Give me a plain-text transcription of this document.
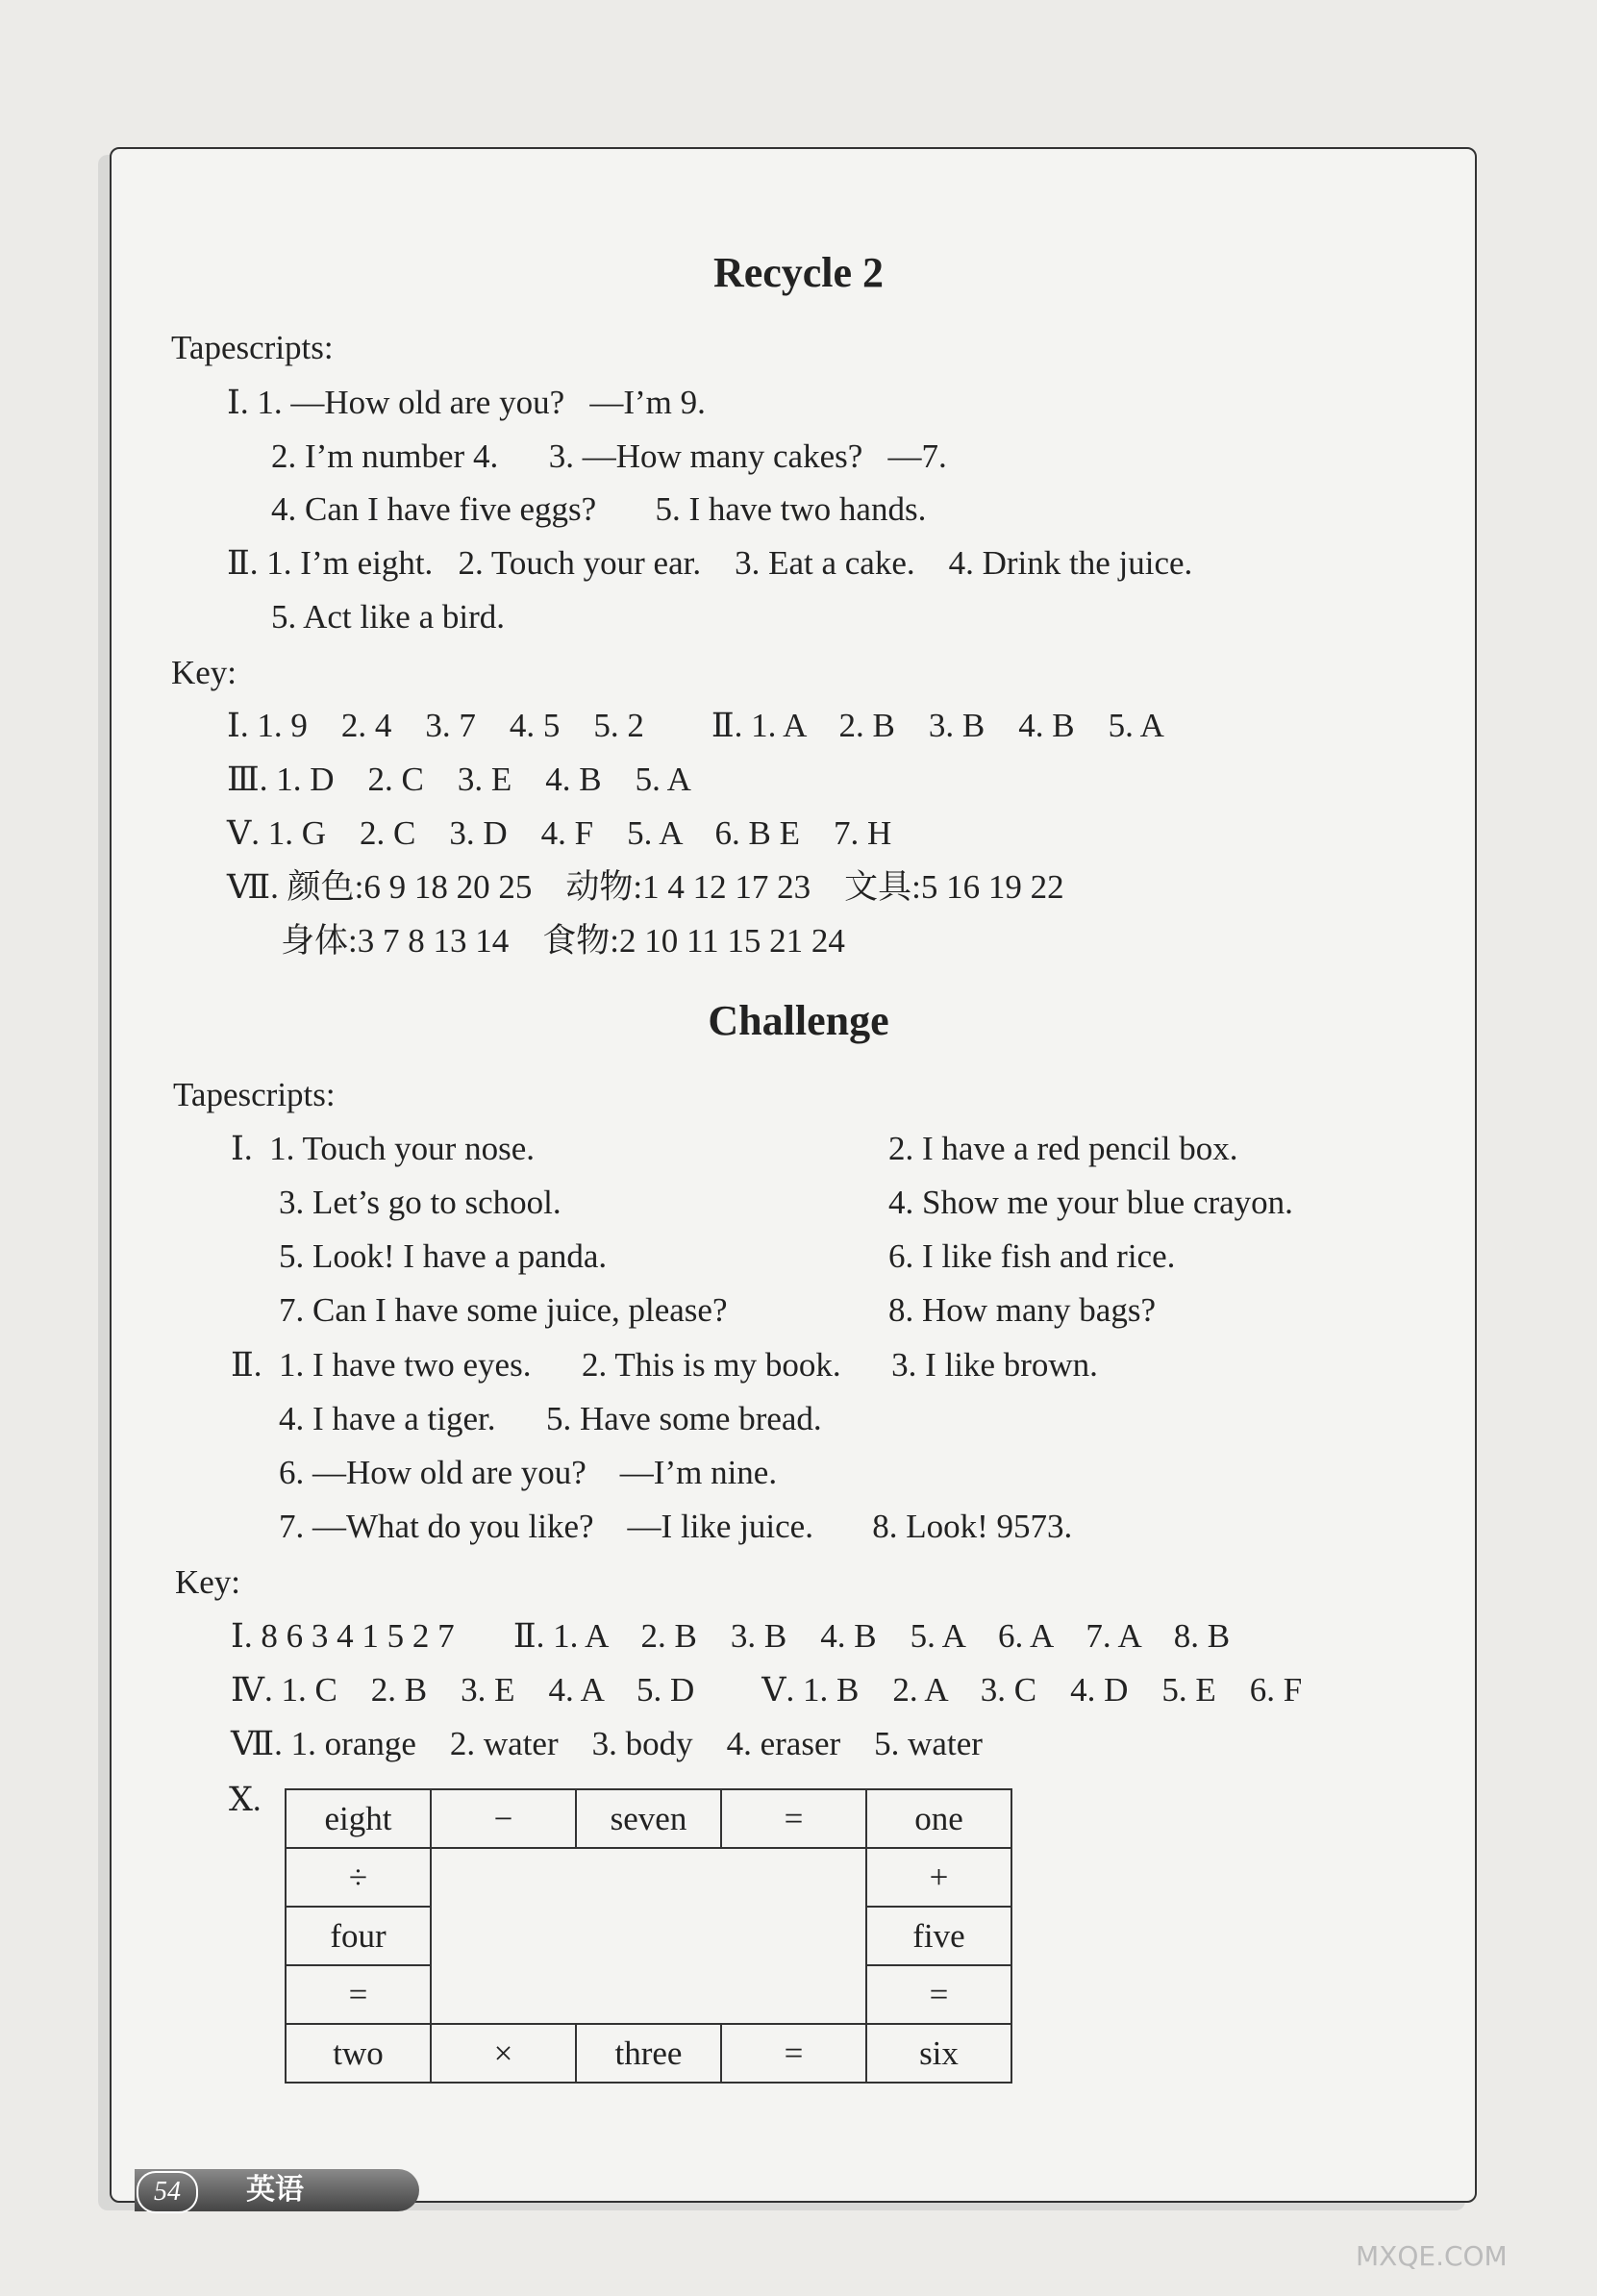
Recycle 2
Tapescripts:
Ⅰ. 1. —How old are you?   —I’m 9.
2. I’m number 4.      3. —How many cakes?   —7.
4. Can I have five eggs?       5. I have two hands.
Ⅱ. 1. I’m eight.   2. Touch your ear.    3. Eat a cake.    4. Drink the juice.
5. Act like a bird.
Key:
Ⅰ. 1. 9    2. 4    3. 7    4. 5    5. 2        Ⅱ. 1. A    2. B    3. B    4. B    5. A
Ⅲ. 1. D    2. C    3. E    4. B    5. A
Ⅴ. 1. G    2. C    3. D    4. F    5. A    6. B E    7. H
Ⅶ. 颜色:6 9 18 20 25    动物:1 4 12 17 23    文具:5 16 19 22
身体:3 7 8 13 14    食物:2 10 11 15 21 24
Challenge
Tapescripts:
Ⅰ.  1. Touch your nose.	2. I have a red pencil box.
3. Let’s go to school.	4. Show me your blue crayon.
5. Look! I have a panda.	6. I like fish and rice.
7. Can I have some juice, please?	8. How many bags?
Ⅱ.  1. I have two eyes.      2. This is my book.      3. I like brown.
4. I have a tiger.      5. Have some bread.
6. —How old are you?    —I’m nine.
7. —What do you like?    —I like juice.       8. Look! 9573.
Key:
Ⅰ. 8 6 3 4 1 5 2 7       Ⅱ. 1. A    2. B    3. B    4. B    5. A    6. A    7. A    8. B
Ⅳ. 1. C    2. B    3. E    4. A    5. D        Ⅴ. 1. B    2. A    3. C    4. D    5. E    6. F
Ⅶ. 1. orange    2. water    3. body    4. eraser    5. water
Ⅹ. eight	−	seven	=	one
÷				+
four				five
=				=
two	×	three	=	six
54	英语
MXQE.COM
